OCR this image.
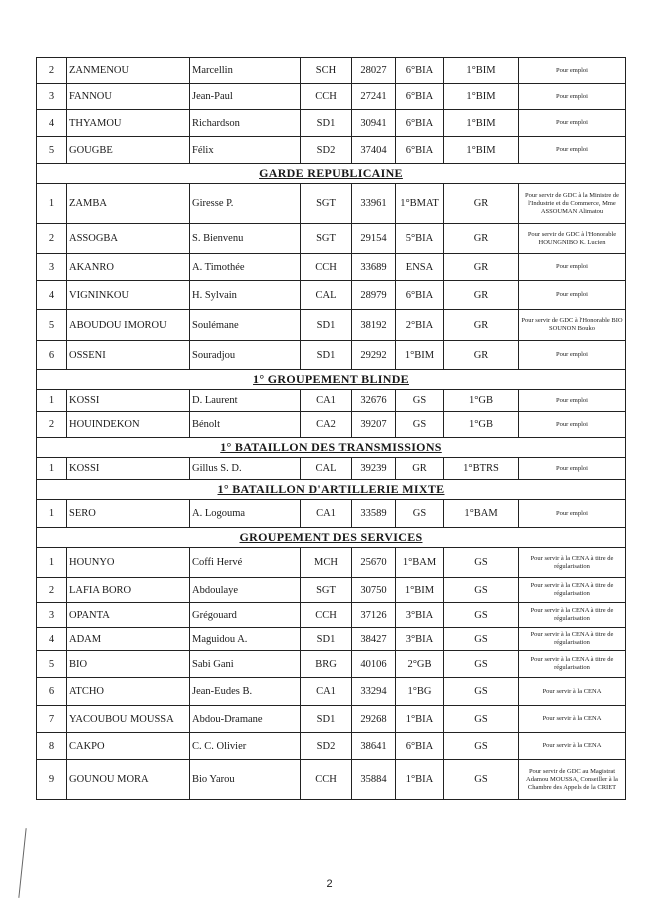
2	ZANMENOU	Marcellin	SCH	28027	6°BIA	1°BIM	Pour emploi
3	FANNOU	Jean-Paul	CCH	27241	6°BIA	1°BIM	Pour emploi
4	THYAMOU	Richardson	SD1	30941	6°BIA	1°BIM	Pour emploi
5	GOUGBE	Félix	SD2	37404	6°BIA	1°BIM	Pour emploi
GARDE REPUBLICAINE							
1	ZAMBA	Giresse P.	SGT	33961	1°BMAT	GR	Pour servir de GDC à la Ministre de l'Industrie et du Commerce, Mme ASSOUMAN Alimatou
2	ASSOGBA	S. Bienvenu	SGT	29154	5°BIA	GR	Pour servir de GDC à l'Honorable HOUNGNIBO K. Lucien
3	AKANRO	A. Timothée	CCH	33689	ENSA	GR	Pour emploi
4	VIGNINKOU	H. Sylvain	CAL	28979	6°BIA	GR	Pour emploi
5	ABOUDOU IMOROU	Soulémane	SD1	38192	2°BIA	GR	Pour servir de GDC à l'Honorable BIO SOUNON Bouko
6	OSSENI	Souradjou	SD1	29292	1°BIM	GR	Pour emploi
1° GROUPEMENT BLINDE							
1	KOSSI	D. Laurent	CA1	32676	GS	1°GB	Pour emploi
2	HOUINDEKON	Bénolt	CA2	39207	GS	1°GB	Pour emploi
1° BATAILLON DES TRANSMISSIONS							
1	KOSSI	Gillus S. D.	CAL	39239	GR	1°BTRS	Pour emploi
1° BATAILLON D'ARTILLERIE MIXTE							
1	SERO	A. Logouma	CA1	33589	GS	1°BAM	Pour emploi
GROUPEMENT DES SERVICES							
1	HOUNYO	Coffi Hervé	MCH	25670	1°BAM	GS	Pour servir à la CENA à titre de régularisation
2	LAFIA BORO	Abdoulaye	SGT	30750	1°BIM	GS	Pour servir à la CENA à titre de régularisation
3	OPANTA	Grégouard	CCH	37126	3°BIA	GS	Pour servir à la CENA à titre de régularisation
4	ADAM	Maguidou A.	SD1	38427	3°BIA	GS	Pour servir à la CENA à titre de régularisation
5	BIO	Sabi Gani	BRG	40106	2°GB	GS	Pour servir à la CENA à titre de régularisation
6	ATCHO	Jean-Eudes B.	CA1	33294	1°BG	GS	Pour servir à la CENA
7	YACOUBOU MOUSSA	Abdou-Dramane	SD1	29268	1°BIA	GS	Pour servir à la CENA
8	CAKPO	C. C. Olivier	SD2	38641	6°BIA	GS	Pour servir à la CENA
9	GOUNOU MORA	Bio Yarou	CCH	35884	1°BIA	GS	Pour servir de GDC au Magistrat Adamou MOUSSA, Conseiller à la Chambre des Appels de la CRIET
2
